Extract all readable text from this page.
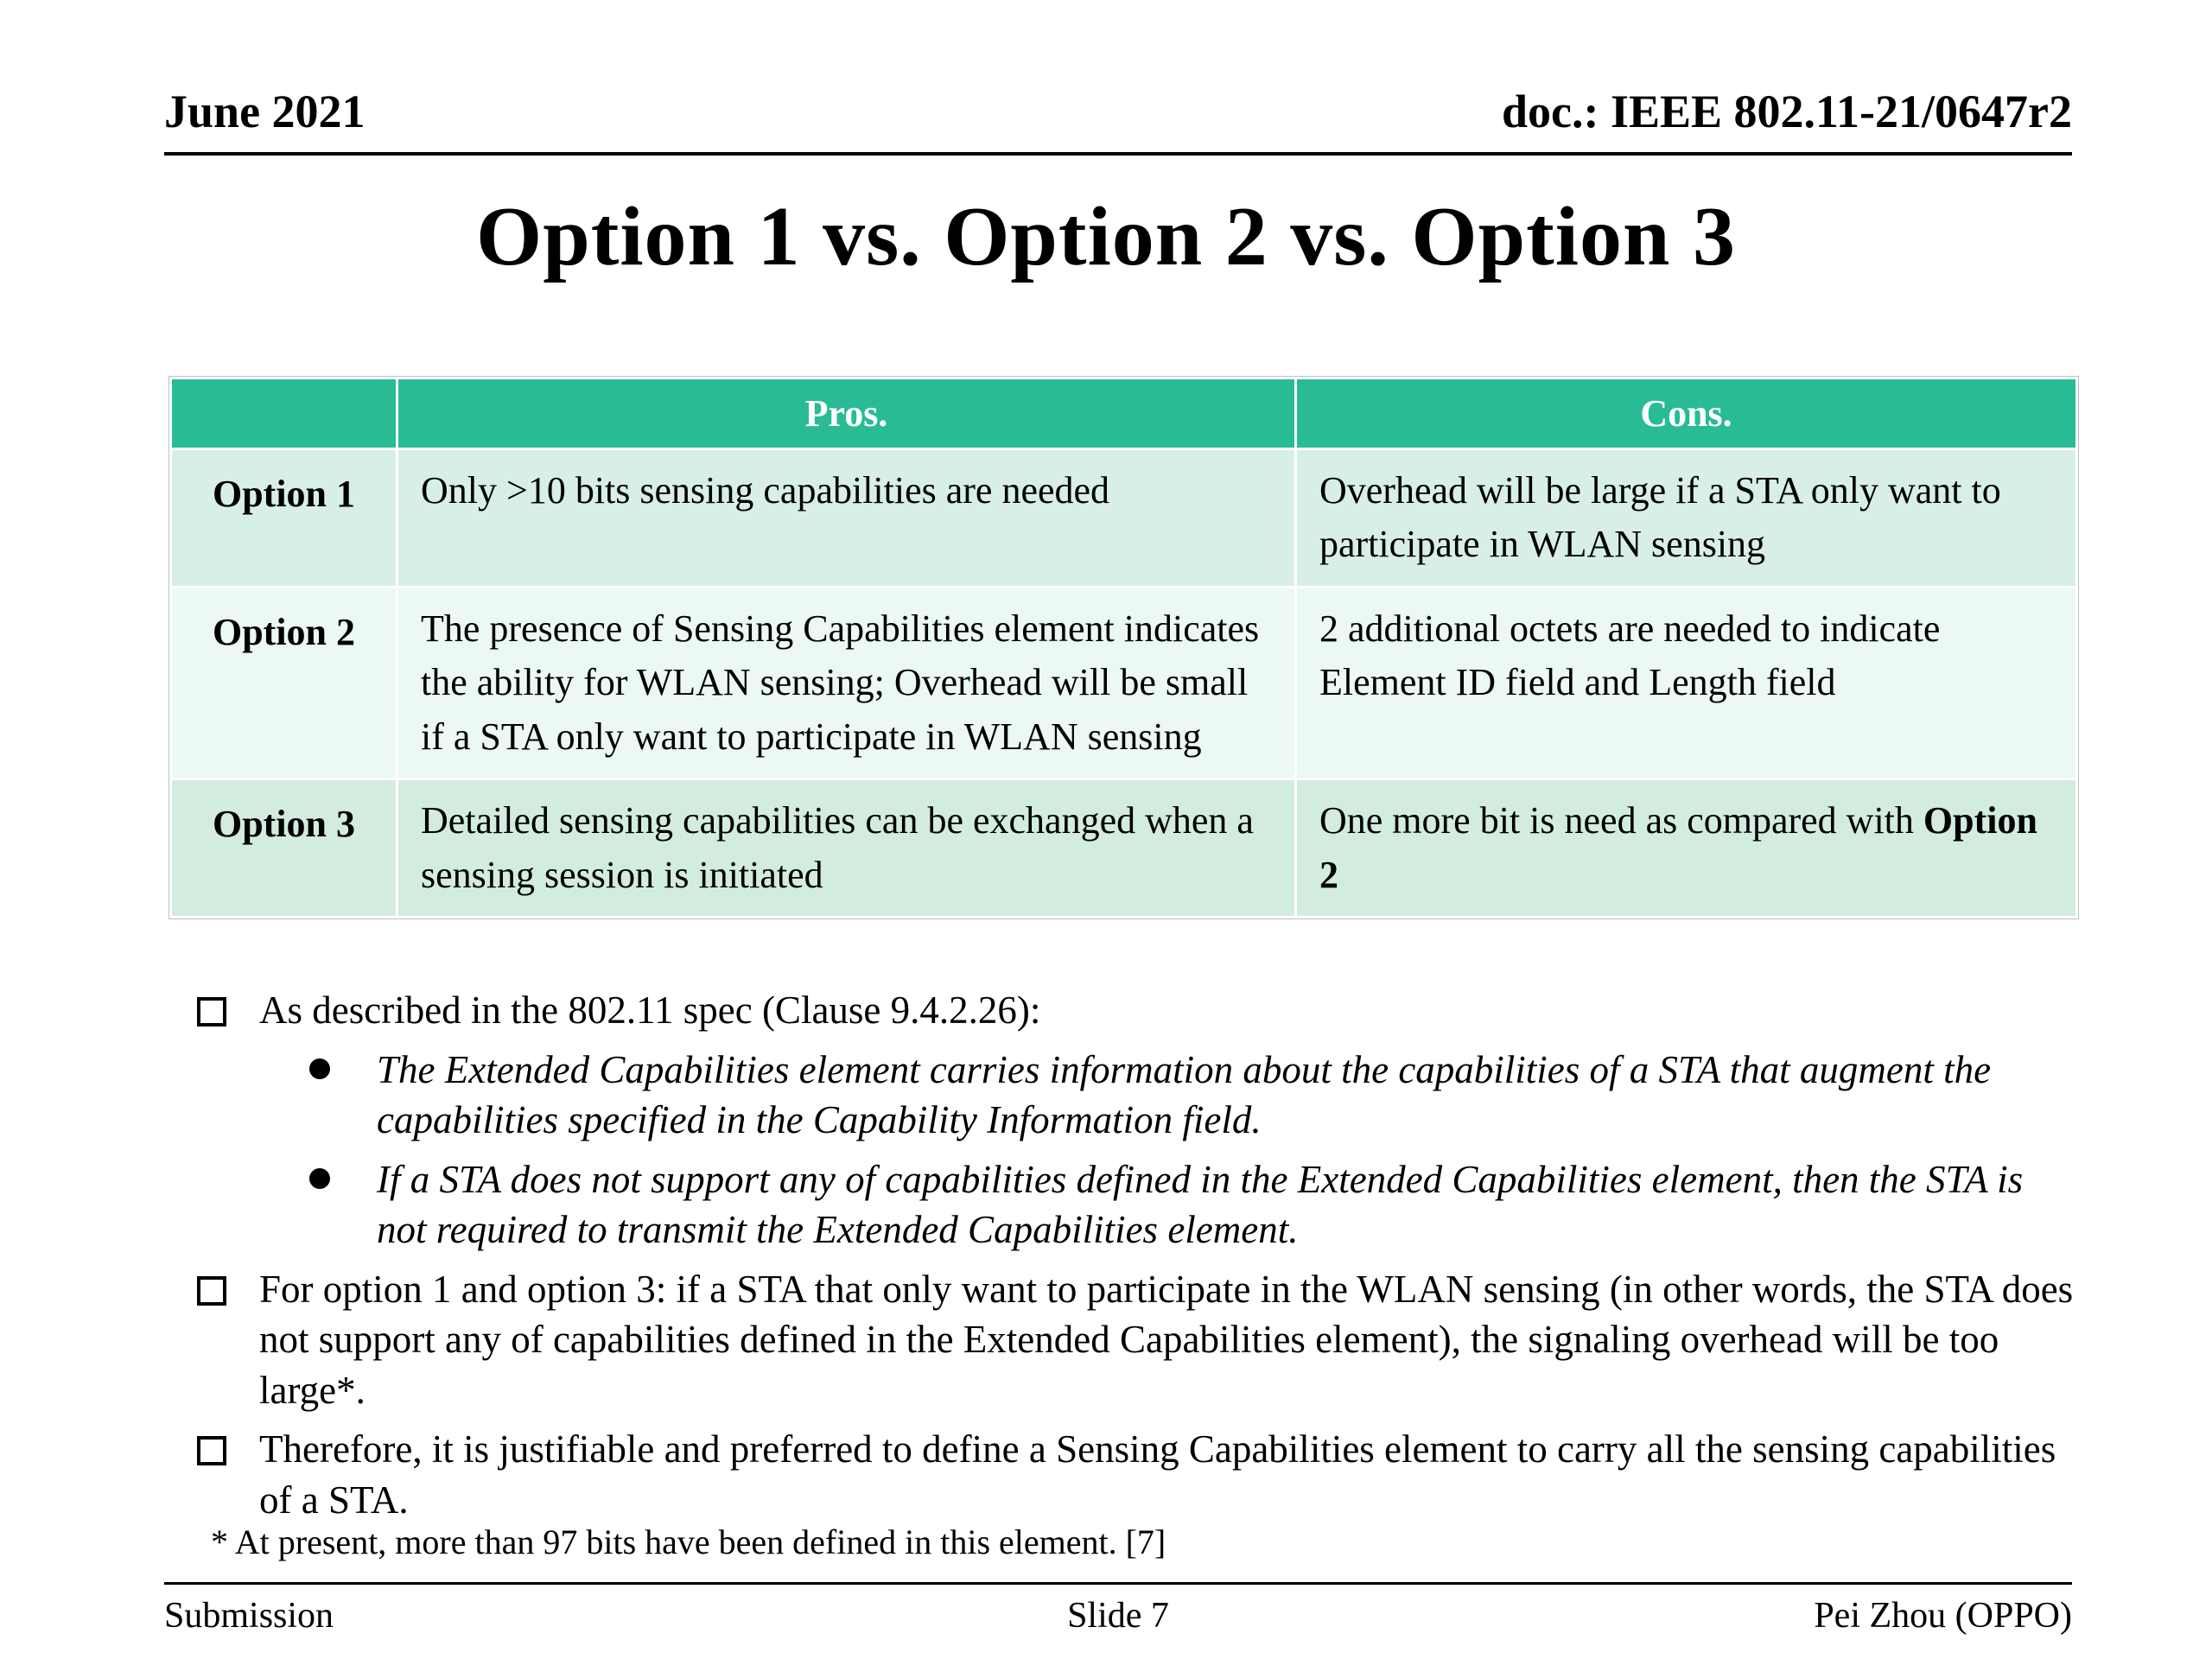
June 2021	doc.: IEEE 802.11-21/0647r2
Option 1 vs. Option 2 vs. Option 3
	Pros.	Cons.
Option 1	Only >10 bits sensing capabilities are needed	Overhead will be large if a STA only want to participate in WLAN sensing
Option 2	The presence of Sensing Capabilities element indicates the ability for WLAN sensing; Overhead will be small if a STA only want to participate in WLAN sensing	2 additional octets are needed to indicate Element ID field and Length field
Option 3	Detailed sensing capabilities can be exchanged when a sensing session is initiated	One more bit is need as compared with Option 2
As described in the 802.11 spec (Clause 9.4.2.26):
The Extended Capabilities element carries information about the capabilities of a STA that augment the capabilities specified in the Capability Information field.
If a STA does not support any of capabilities defined in the Extended Capabilities element, then the STA is not required to transmit the Extended Capabilities element.
For option 1 and option 3: if a STA that only want to participate in the WLAN sensing (in other words, the STA does not support any of capabilities defined in the Extended Capabilities element), the signaling overhead will be too large*.
Therefore, it is justifiable and preferred to define a Sensing Capabilities element to carry all the sensing capabilities of a STA.
* At present, more than 97 bits have been defined in this element. [7]
Slide 7
Submission	Pei Zhou (OPPO)
